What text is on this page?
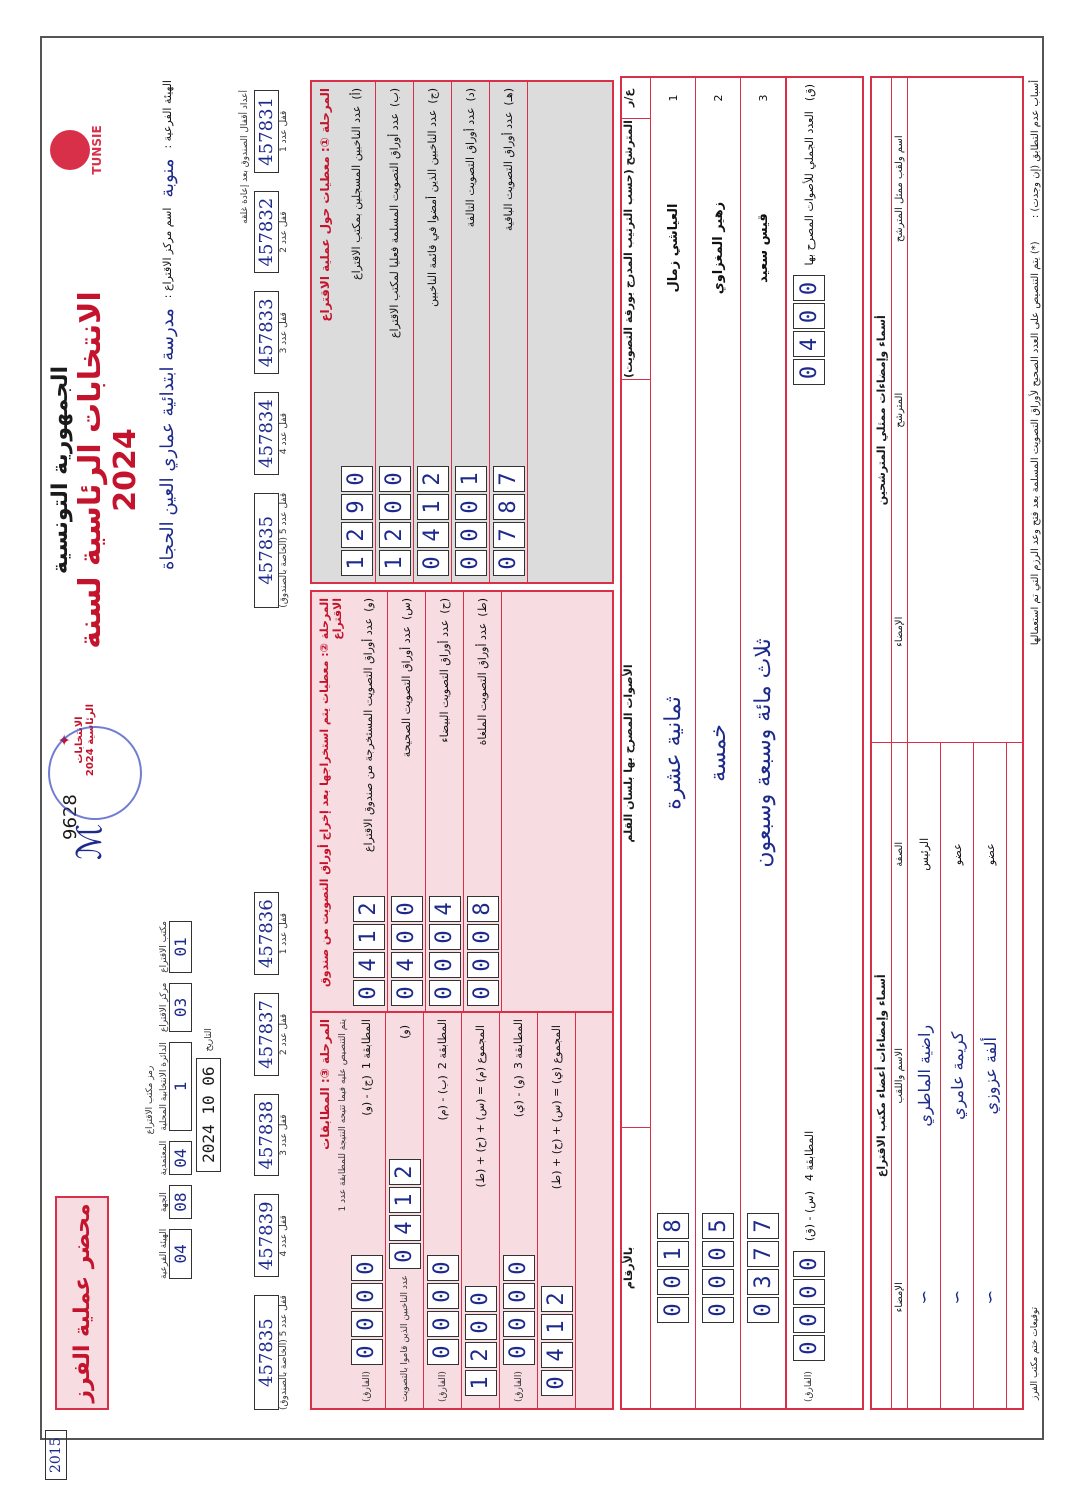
TUNSIE
الجمهورية التونسية الانتخابات الرئاسية لسنة 2024
✦ الانتخابات الرئاسية 2024
9628
ℳ
محضر عملية الفرز
الهيئة الفرعية :
منوبة
اسم مركز الاقتراع :
مدرسة ابتدائية عماري العين الحجاة
رمز مكتب الاقتراع
مكتب الاقتراع 01
مركز الاقتراع 03
الدائرة الانتخابية المحلية 1
المعتمدية 04
الجهة 08
الهيئة الفرعية 04
التاريخ
2024 10 06
أعداد أقفال الصندوق بعد إعادة غلقه 457831 قفل عدد 1
457832 قفل عدد 2
457833 قفل عدد 3
457834 قفل عدد 4
457835 قفل عدد 5 (الخاصة بالصندوق)
457836 قفل عدد 1
457837 قفل عدد 2
457838 قفل عدد 3
457839 قفل عدد 4
457835 قفل عدد 5 (الخاصة بالصندوق)
المرحلة ①: معطيات حول عملية الاقتراع	(أ)
عدد الناخبين المسجلين بمكتب الاقتراع
1
2
9
0
(ب)
عدد أوراق التصويت المسلمة فعليا لمكتب الاقتراع
1
2
0
0
(ج)
عدد الناخبين الذين أمضوا في قائمة الناخبين
0
4
1
2
(د)
عدد أوراق التصويت التالفة
0
0
0
1
(هـ)
عدد أوراق التصويت الباقية
0
7
8
7
المرحلة ②: معطيات يتم استخراجها بعد إخراج أوراق التصويت من صندوق الاقتراع	(و)
عدد أوراق التصويت المستخرجة من صندوق الاقتراع
0
4
1
2
(س)
عدد أوراق التصويت الصحيحة
0
4
0
0
(ح)
عدد أوراق التصويت البيضاء
0
0
0
4
(ط)
عدد أوراق التصويت الملغاة
0
0
0
8
المرحلة ③: المطابقات
يتم التنصيص عليه فيما تتيحه النتيجة للمطابقة عدد 1 المطابقة 1
(ج) - (و)
0
0
0
0
(الفارق)
(و)
0
4
1
2
عدد الناخبين الذين قاموا بالتصويت
المطابقة 2
(ب) - (م)
0
0
0
0
(الفارق)
المجموع (م) = (س) + (ح) + (ط)
1
2
0
0
المطابقة 3
(و) - (ي)
0
0
0
0
(الفارق)
المجموع (ي) = (س) + (ح) + (ط)
0
4
1
2
ع/ر
المترشح (حسب الترتيب المدرج بورقة التصويت)
الأصوات المصرح بها بلسان القلم
بالأرقام
1
العياشي زمال
ثمانية عشرة
0
0
1
8
2
زهير المغزاوي
خمسة
0
0
0
5
3
قيس سعيد
ثلاث مائة وسبعة وسبعون
0
3
7
7
(ق)
العدد الجملي للأصوات المصرح بها
0
4
0
0
المطابقة 4
(س) - (ق)
0
0
0
0
(الفارق)
أسماء وإمضاءات ممثلي المترشحين
اسم ولقب ممثل المترشح
المترشح
الإمضاء
أسماء وإمضاءات أعضاء مكتب الاقتراع
الصفة
الاسم واللقب
الإمضاء
الرئيس
راضية الماطري
∼
عضو
كريمة عامري
∼
عضو
ألفة عزوزي
∼
أسباب عدم التطابق (إن وجدت) : (*) يتم التنصيص على العدد الصحيح لأوراق التصويت المسلمة بعد فتح وعد الرزم التي تم استعمالها
توقيعات ختم مكتب الفرز
2015
